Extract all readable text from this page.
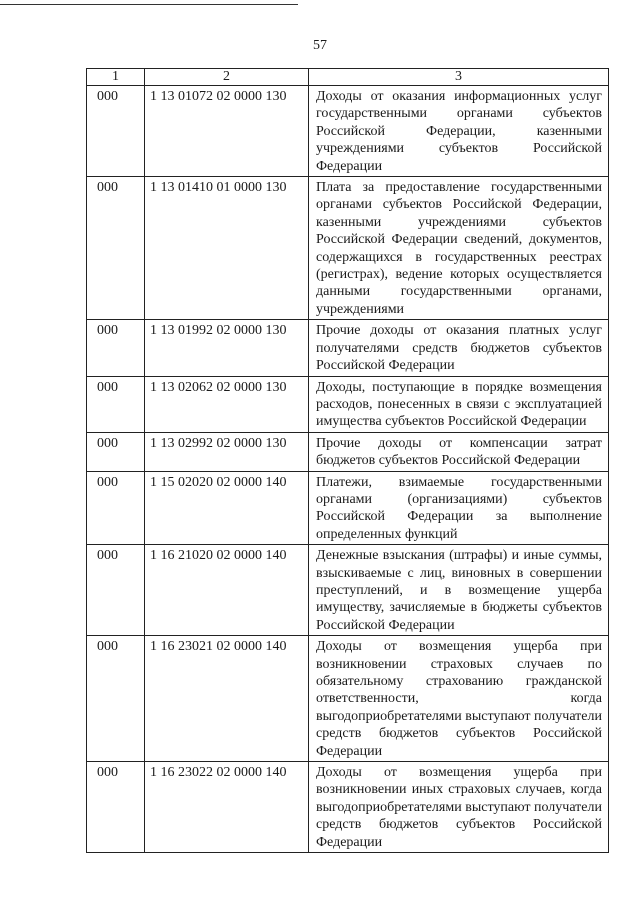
57
1	2	3
000	1 13 01072 02 0000 130	Доходы от оказания информационных услуг государственными органами субъектов Российской Федерации, казенными учреждениями субъектов Российской Федерации
000	1 13 01410 01 0000 130	Плата за предоставление государственными органами субъектов Российской Федерации, казенными учреждениями субъектов Российской Федерации сведений, документов, содержащихся в государственных реестрах (регистрах), ведение которых осуществляется данными государственными органами, учреждениями
000	1 13 01992 02 0000 130	Прочие доходы от оказания платных услуг получателями средств бюджетов субъектов Российской Федерации
000	1 13 02062 02 0000 130	Доходы, поступающие в порядке возмещения расходов, понесенных в связи с эксплуатацией имущества субъектов Российской Федерации
000	1 13 02992 02 0000 130	Прочие доходы от компенсации затрат бюджетов субъектов Российской Федерации
000	1 15 02020 02 0000 140	Платежи, взимаемые государственными органами (организациями) субъектов Российской Федерации за выполнение определенных функций
000	1 16 21020 02 0000 140	Денежные взыскания (штрафы) и иные суммы, взыскиваемые с лиц, виновных в совершении преступлений, и в возмещение ущерба имуществу, зачисляемые в бюджеты субъектов Российской Федерации
000	1 16 23021 02 0000 140	Доходы от возмещения ущерба при возникновении страховых случаев по обязательному страхованию гражданской ответственности, когда выгодоприобретателями выступают получатели средств бюджетов субъектов Российской Федерации
000	1 16 23022 02 0000 140	Доходы от возмещения ущерба при возникновении иных страховых случаев, когда выгодоприобретателями выступают получатели средств бюджетов субъектов Российской Федерации
